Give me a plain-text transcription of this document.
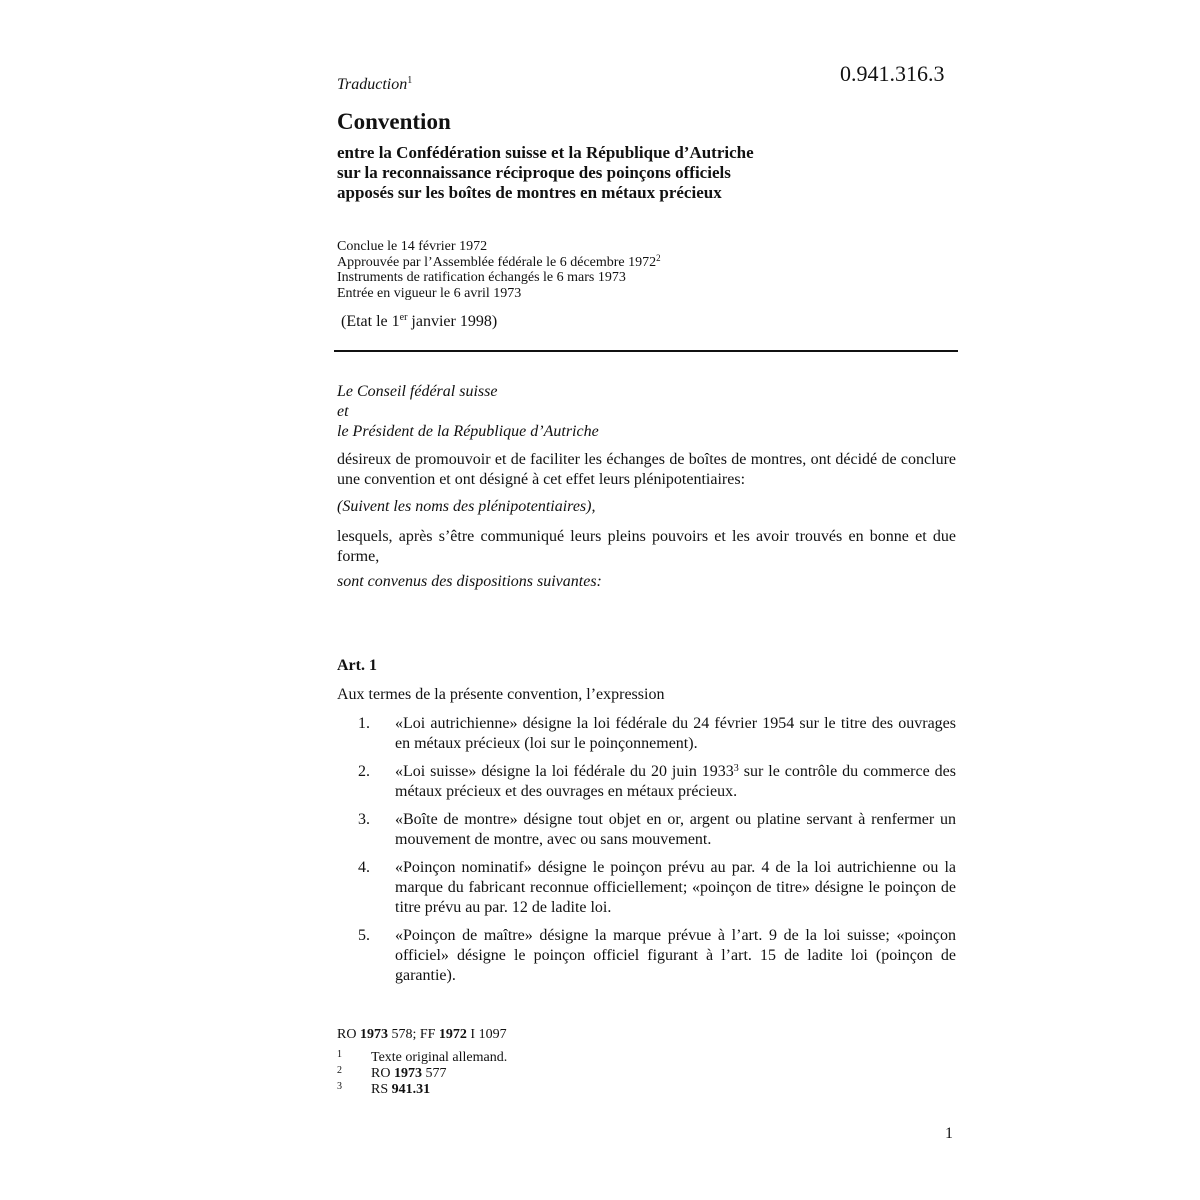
0.941.316.3
Traduction$^1$
Convention
entre la Confédération suisse et la République d’Autriche
sur la reconnaissance réciproque des poinçons officiels
apposés sur les boîtes de montres en métaux précieux
Conclue le 14 février 1972
Approuvée par l’Assemblée fédérale le 6 décembre 1972$^2$
Instruments de ratification échangés le 6 mars 1973
Entrée en vigueur le 6 avril 1973
(Etat le 1er janvier 1998)
Le Conseil fédéral suisse
et
le Président de la République d’Autriche
désireux de promouvoir et de faciliter les échanges de boîtes de montres, ont décidé de conclure une convention et ont désigné à cet effet leurs plénipotentiaires:
(Suivent les noms des plénipotentiaires),
lesquels, après s’être communiqué leurs pleins pouvoirs et les avoir trouvés en bonne et due forme,
sont convenus des dispositions suivantes:
Art. 1
Aux termes de la présente convention, l’expression
1. «Loi autrichienne» désigne la loi fédérale du 24 février 1954 sur le titre des ouvrages en métaux précieux (loi sur le poinçonnement).
2. «Loi suisse» désigne la loi fédérale du 20 juin 1933$^3$ sur le contrôle du commerce des métaux précieux et des ouvrages en métaux précieux.
3. «Boîte de montre» désigne tout objet en or, argent ou platine servant à renfermer un mouvement de montre, avec ou sans mouvement.
4. «Poinçon nominatif» désigne le poinçon prévu au par. 4 de la loi autrichienne ou la marque du fabricant reconnue officiellement; «poinçon de titre» désigne le poinçon de titre prévu au par. 12 de ladite loi.
5. «Poinçon de maître» désigne la marque prévue à l’art. 9 de la loi suisse; «poinçon officiel» désigne le poinçon officiel figurant à l’art. 15 de ladite loi (poinçon de garantie).
RO 1973 578; FF 1972 I 1097
1 Texte original allemand.
2 RO 1973 577
3 RS 941.31
1
